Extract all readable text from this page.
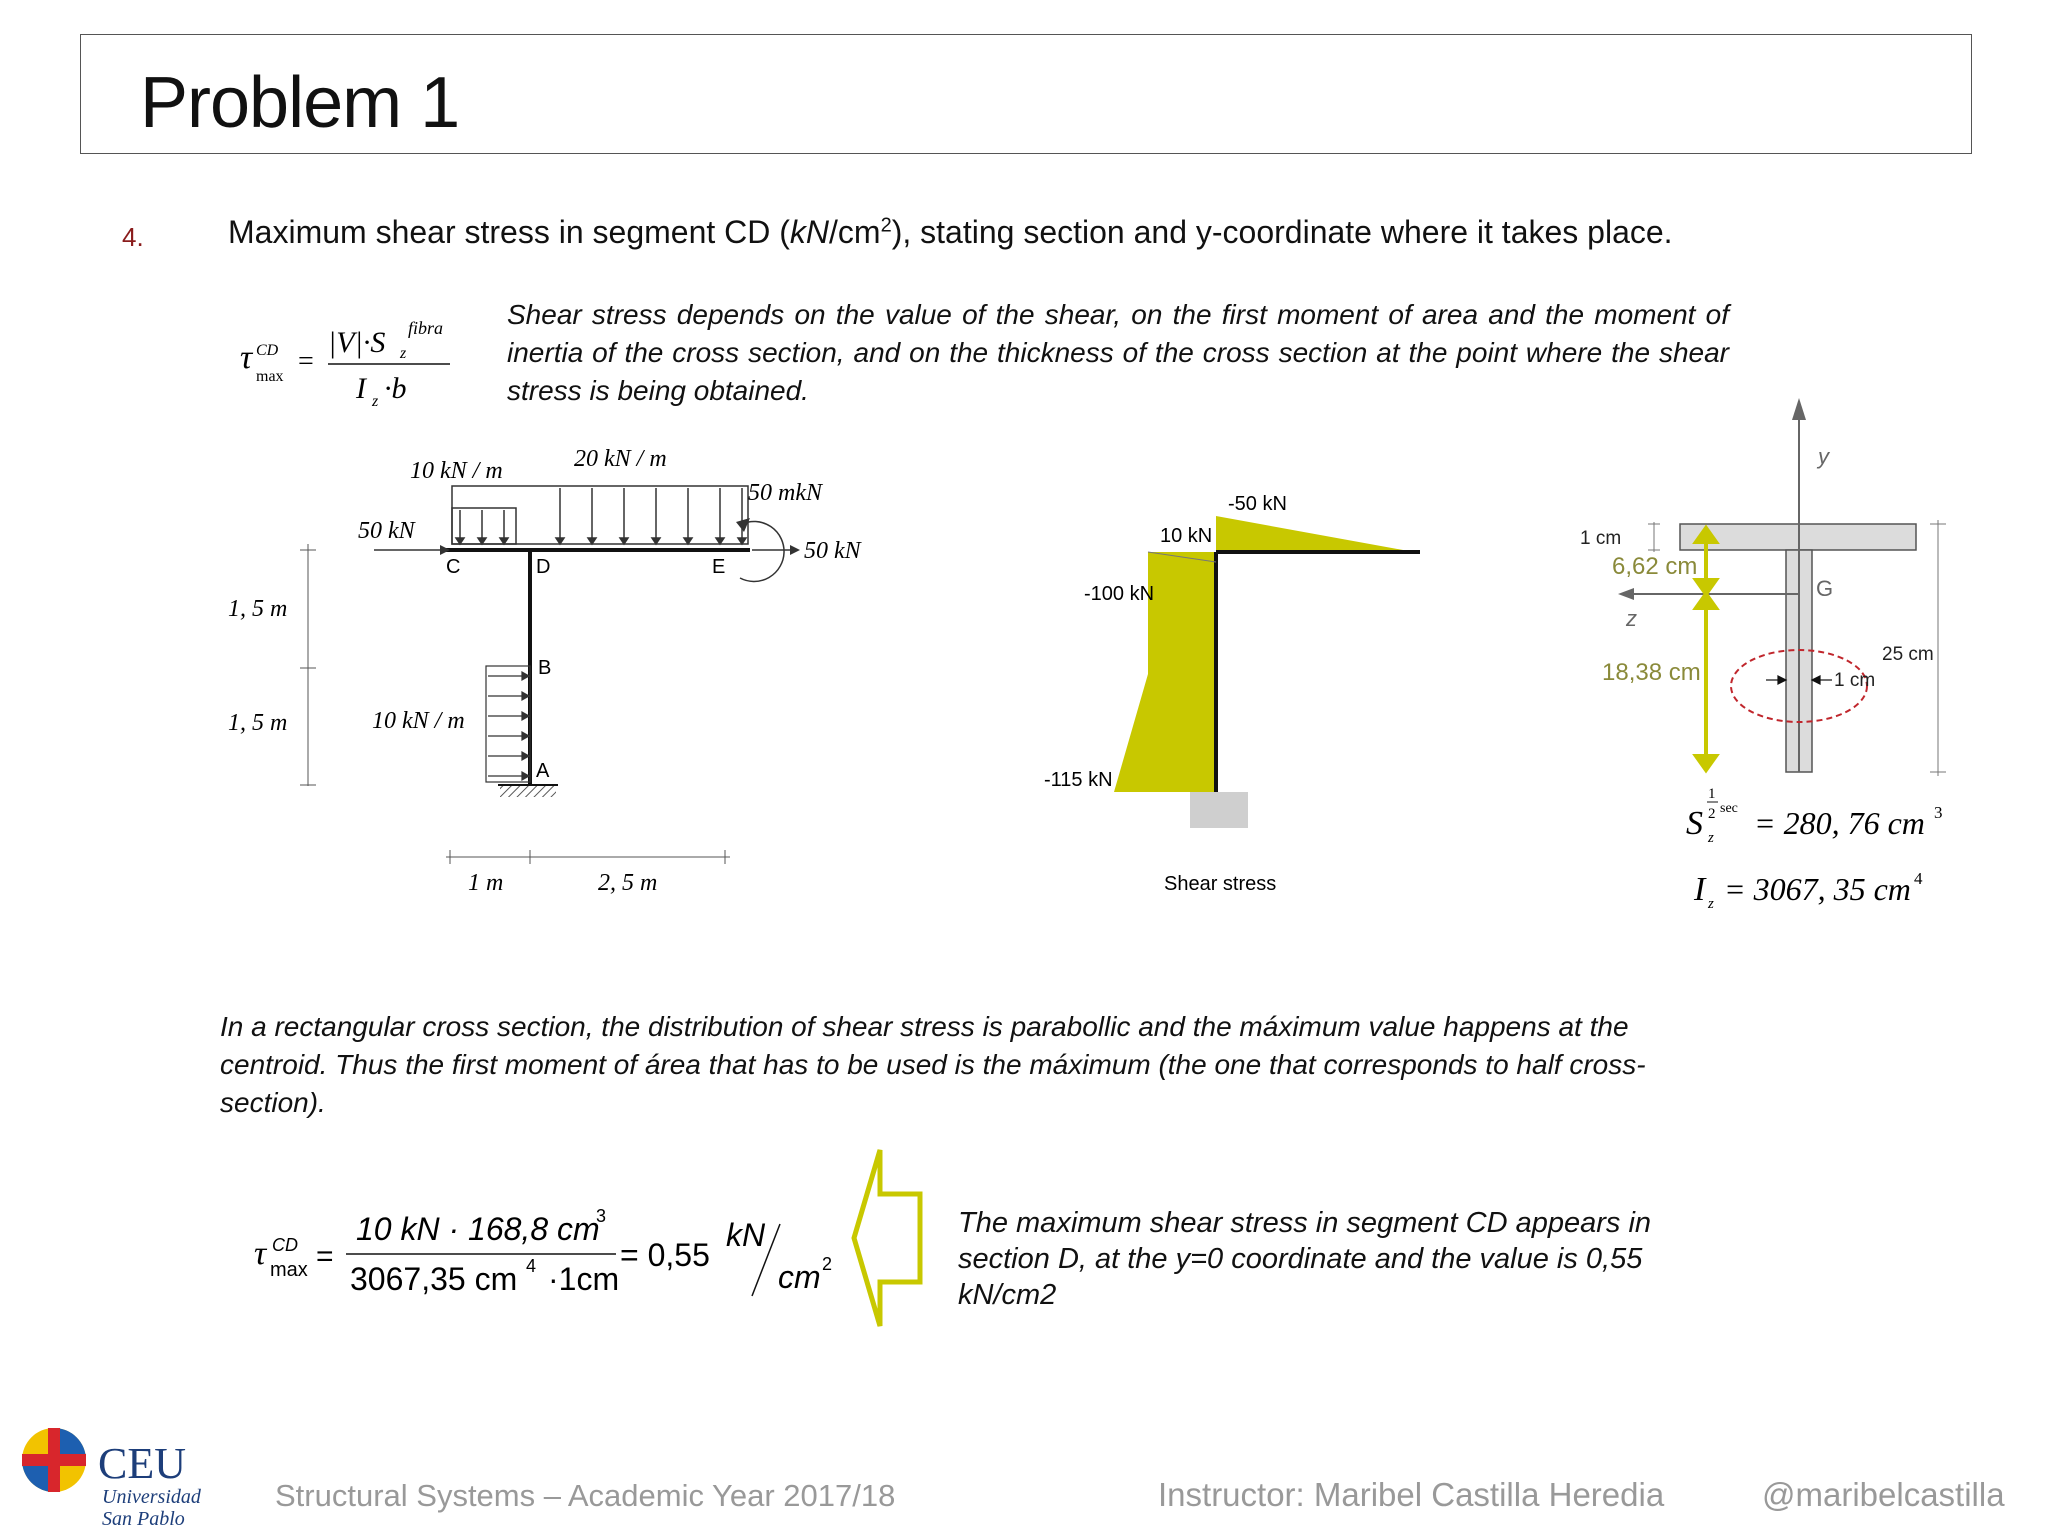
Problem 1
4.	Maximum shear stress in segment CD $(kN/cm^2)$, stating section and y-coordinate where it takes place.
τ CD
max =
|V|·S fibra
z
I z ·b
Shear stress depends on the value of the shear, on the first moment of area and the moment of inertia of the cross section, and on the thickness of the cross section at the point where the shear stress is being obtained.
10 kN / m	20 kN / m
50 mkN
50 kN
50 kN
C	D	E
B
A
1, 5 m
1, 5 m	10 kN / m
1 m	2, 5 m
-50 kN
10 kN
-100 kN
-115 kN
Shear stress
y
z
G
1 cm
6,62 cm
18,38 cm
25 cm
1 cm
S
1
2 sec
z = 280, 76 cm 3
I z = 3067, 35 cm 4
In a rectangular cross section, the distribution of shear stress is parabollic and the máximum value happens at the centroid. Thus the first moment of área that has to be used is the máximum (the one that corresponds to half cross-section).
τ CD
max =
10 kN · 168,8 cm
3
3067,35 cm 4 ·1cm
= 0,55
kN
cm 2
The maximum shear stress in segment CD appears in section D, at the y=0 coordinate and the value is 0,55 kN/cm2
CEU
Universidad
San Pablo
Structural Systems – Academic Year 2017/18	Instructor: Maribel Castilla Heredia	@maribelcastilla
